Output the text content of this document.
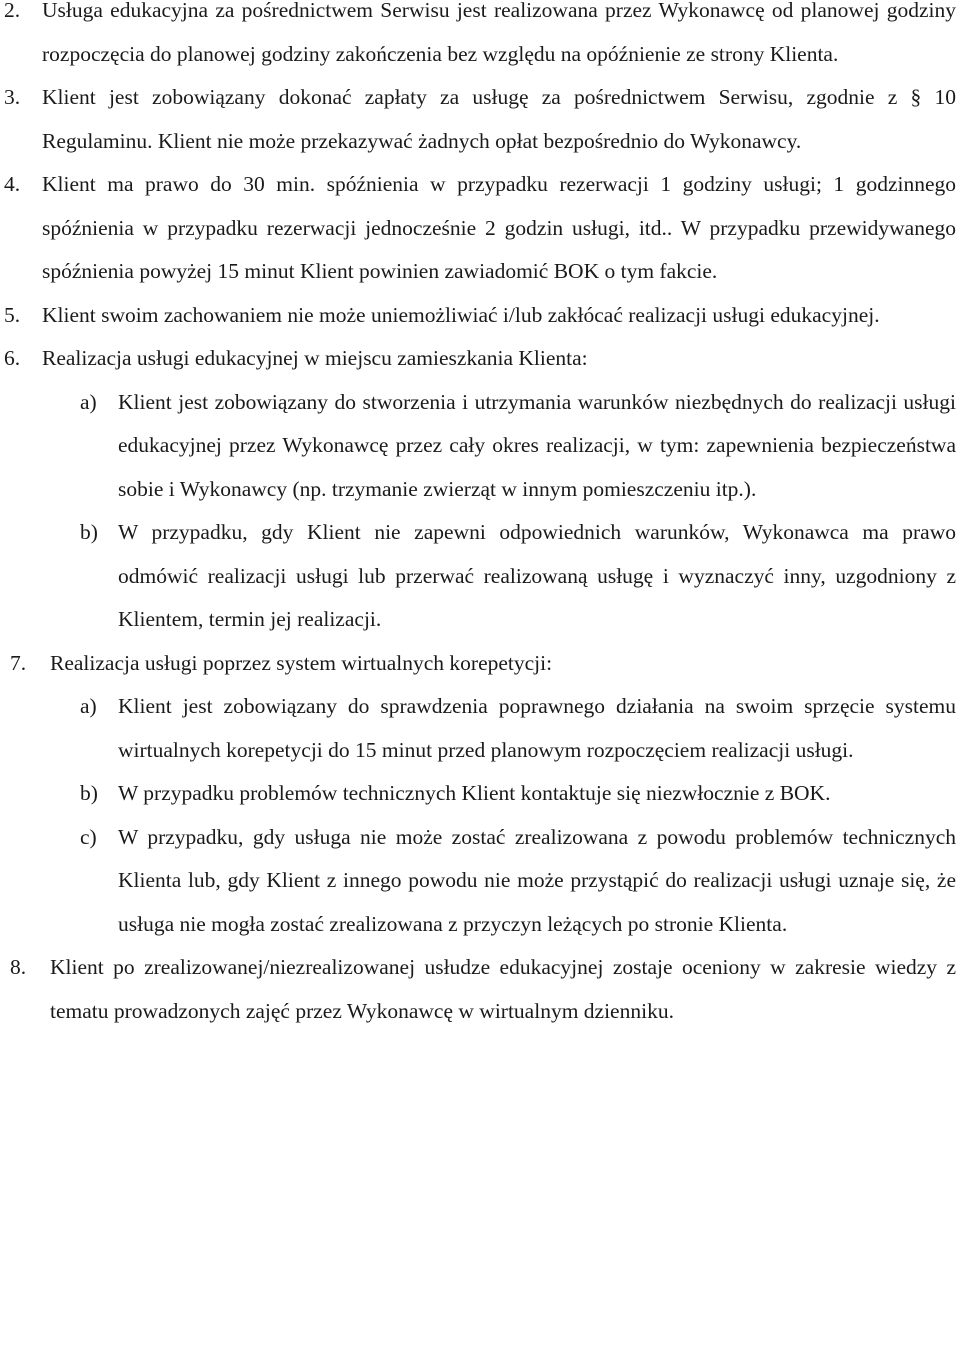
2. Usługa edukacyjna za pośrednictwem Serwisu jest realizowana przez Wykonawcę od planowej godziny rozpoczęcia do planowej godziny zakończenia bez względu na opóźnienie ze strony Klienta.
3. Klient jest zobowiązany dokonać zapłaty za usługę za pośrednictwem Serwisu, zgodnie z § 10 Regulaminu. Klient nie może przekazywać żadnych opłat bezpośrednio do Wykonawcy.
4. Klient ma prawo do 30 min. spóźnienia w przypadku rezerwacji 1 godziny usługi; 1 godzinnego spóźnienia w przypadku rezerwacji jednocześnie 2 godzin usługi, itd.. W przypadku przewidywanego spóźnienia powyżej 15 minut Klient powinien zawiadomić BOK o tym fakcie.
5. Klient swoim zachowaniem nie może uniemożliwiać i/lub zakłócać realizacji usługi edukacyjnej.
6. Realizacja usługi edukacyjnej w miejscu zamieszkania Klienta:
a) Klient jest zobowiązany do stworzenia i utrzymania warunków niezbędnych do realizacji usługi edukacyjnej przez Wykonawcę przez cały okres realizacji, w tym: zapewnienia bezpieczeństwa sobie i Wykonawcy (np. trzymanie zwierząt w innym pomieszczeniu itp.).
b) W przypadku, gdy Klient nie zapewni odpowiednich warunków, Wykonawca ma prawo odmówić realizacji usługi lub przerwać realizowaną usługę i wyznaczyć inny, uzgodniony z Klientem, termin jej realizacji.
7. Realizacja usługi poprzez system wirtualnych korepetycji:
a) Klient jest zobowiązany do sprawdzenia poprawnego działania na swoim sprzęcie systemu wirtualnych korepetycji do 15 minut przed planowym rozpoczęciem realizacji usługi.
b) W przypadku problemów technicznych Klient kontaktuje się niezwłocznie z BOK.
c) W przypadku, gdy usługa nie może zostać zrealizowana z powodu problemów technicznych Klienta lub, gdy Klient z innego powodu nie może przystąpić do realizacji usługi uznaje się, że usługa nie mogła zostać zrealizowana z przyczyn leżących po stronie Klienta.
8. Klient po zrealizowanej/niezrealizowanej usłudze edukacyjnej zostaje oceniony w zakresie wiedzy z tematu prowadzonych zajęć przez Wykonawcę w wirtualnym dzienniku.
